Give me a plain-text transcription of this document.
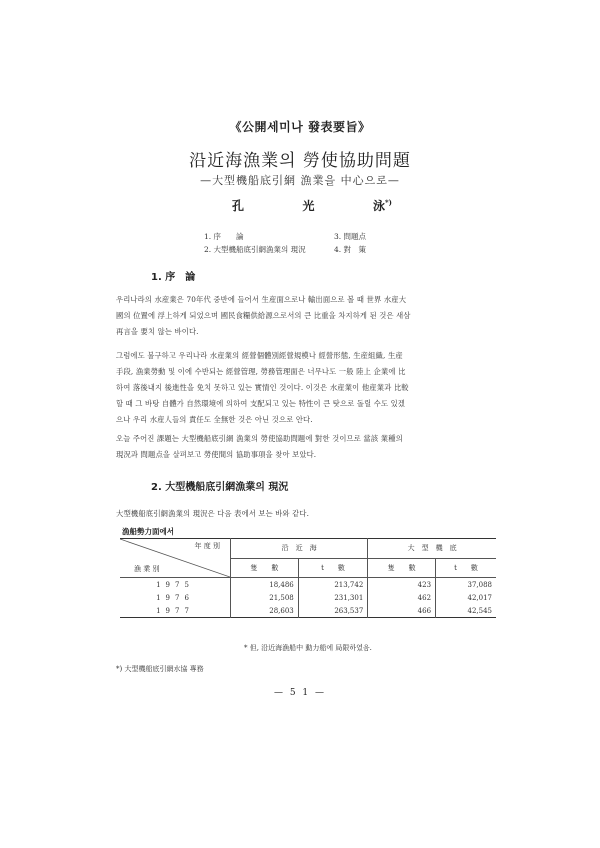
《公開세미나 發表要旨》
沿近海漁業의 勞使協助問題
—大型機船底引網 漁業을 中心으로—
孔	光	泳*)
1. 序　　論	3. 問題点
2. 大型機船底引網漁業의 現況	4. 對　策
1. 序　論
우리나라의 水産業은 70年代 중반에 들어서 生産面으로나 輸出面으로 볼 때 世界 水産大
國의 位置에 浮上하게 되었으며 國民食糧供給源으로서의 큰 比重을 차지하게 된 것은 새삼
再言을 要치 않는 바이다.
그럼에도 불구하고 우리나라 水産業의 經營個體別經營規模나 經營形態, 生産組織, 生産
手段, 漁業勞動 및 이에 수반되는 經營管理, 勞務管理面은 너무나도 一般 陸上 企業에 比
하여 落後내지 後進性을 免치 못하고 있는 實情인 것이다. 이것은 水産業이 他産業과 比較
할 때 그 바탕 自體가 自然環境에 의하여 支配되고 있는 特性이 큰 탓으로 돌릴 수도 있겠
으나 우리 水産人들의 責任도 全無한 것은 아닌 것으로 안다.
오늘 주어진 課題는 大型機船底引網 漁業의 勞使協助問題에 對한 것이므로 當該 業種의
現況과 問題点을 살펴보고 勞使間의 協助事項을 찾아 보았다.
2. 大型機船底引網漁業의 現況
大型機船底引網漁業의 現況은 다음 表에서 보는 바와 같다.
漁船勢力面에서
年 度 別
漁 業 別	沿　近　海		大　型　機　底	
	隻　　數	t　　數	隻　　數	t　　數
1975	18,486	213,742	423	37,088
1976	21,508	231,301	462	42,017
1977	28,603	263,537	466	42,545
* 但, 沿近海漁船中 動力船에 局限하였음.
*) 大型機船底引網水協 專務
— 5 1 —
